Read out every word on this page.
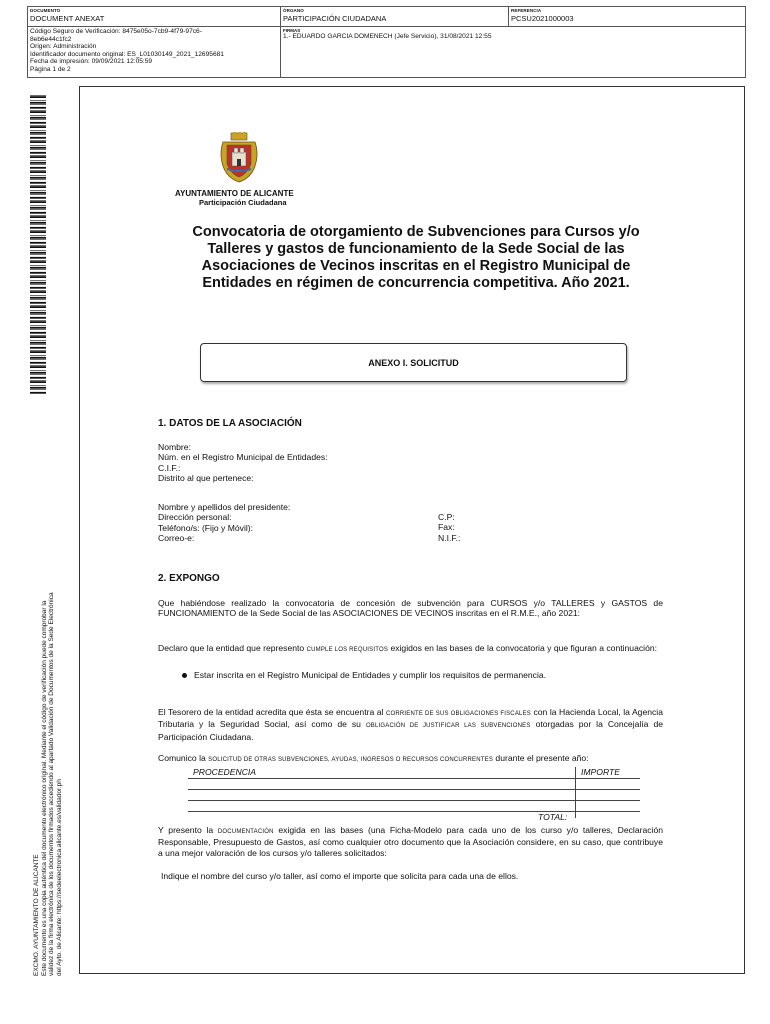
DOCUMENTO
DOCUMENT ANEXAT
ÓRGANO
PARTICIPACIÓN CIUDADANA
REFERENCIA
PCSU2021000003
Código Seguro de Verificación: 8475e05o-7cb9-4f79-97c6-
8eb6e44c1fc2
Origen: Administración
Identificador documento original: ES_L01030149_2021_12695681
Fecha de impresión: 09/09/2021 12:05:59
Página 1 de 2
FIRMAS
1.- EDUARDO GARCIA DOMENECH (Jefe Servicio), 31/08/2021 12:55
EXCMO. AYUNTAMIENTO DE ALICANTE Este documento es una copia auténtica del documento electrónico original. Mediante el código de verificación puede comprobar la validez de la firma electrónica de los documentos firmados accediendo al apartado Validación de Documentos de la Sede Electrónica del Ayto. de Alicante: https://sedeelectronica.alicante.es/validador.ph
AYUNTAMIENTO DE ALICANTE
Participación Ciudadana
Convocatoria de otorgamiento de Subvenciones para Cursos y/o Talleres y gastos de funcionamiento de la Sede Social de las Asociaciones de Vecinos inscritas en el Registro Municipal de Entidades en régimen de concurrencia competitiva. Año 2021.
ANEXO I. SOLICITUD
1. DATOS DE LA ASOCIACIÓN
Nombre:
Núm. en el Registro Municipal de Entidades:
C.I.F.:
Distrito al que pertenece:
Nombre y apellidos del presidente:
Dirección personal:
Teléfono/s: (Fijo y Móvil):
Correo-e:
C.P:
Fax:
N.I.F.:
2. EXPONGO
Que habiéndose realizado la convocatoria de concesión de subvención para CURSOS y/o TALLERES y GASTOS de FUNCIONAMIENTO de la Sede Social de las ASOCIACIONES DE VECINOS inscritas en el R.M.E., año 2021:
Declaro que la entidad que represento CUMPLE LOS REQUISITOS exigidos en las bases de la convocatoria y que figuran a continuación:
Estar inscrita en el Registro Municipal de Entidades y cumplir los requisitos de permanencia.
El Tesorero de la entidad acredita que ésta se encuentra al CORRIENTE DE SUS OBLIGACIONES FISCALES con la Hacienda Local, la Agencia Tributaria y la Seguridad Social, así como de su OBLIGACIÓN DE JUSTIFICAR LAS SUBVENCIONES otorgadas por la Concejalía de Participación Ciudadana.
Comunico la SOLICITUD DE OTRAS SUBVENCIONES, AYUDAS, INGRESOS O RECURSOS CONCURRENTES durante el presente año:
PROCEDENCIA	IMPORTE
TOTAL:
Y presento la DOCUMENTACIÓN exigida en las bases (una Ficha-Modelo para cada uno de los curso y/o talleres, Declaración Responsable, Presupuesto de Gastos, así como cualquier otro documento que la Asociación considere, en su caso, que contribuye a una mejor valoración de los cursos y/o talleres solicitados:
Indique el nombre del curso y/o taller, así como el importe que solicita para cada una de ellos.
